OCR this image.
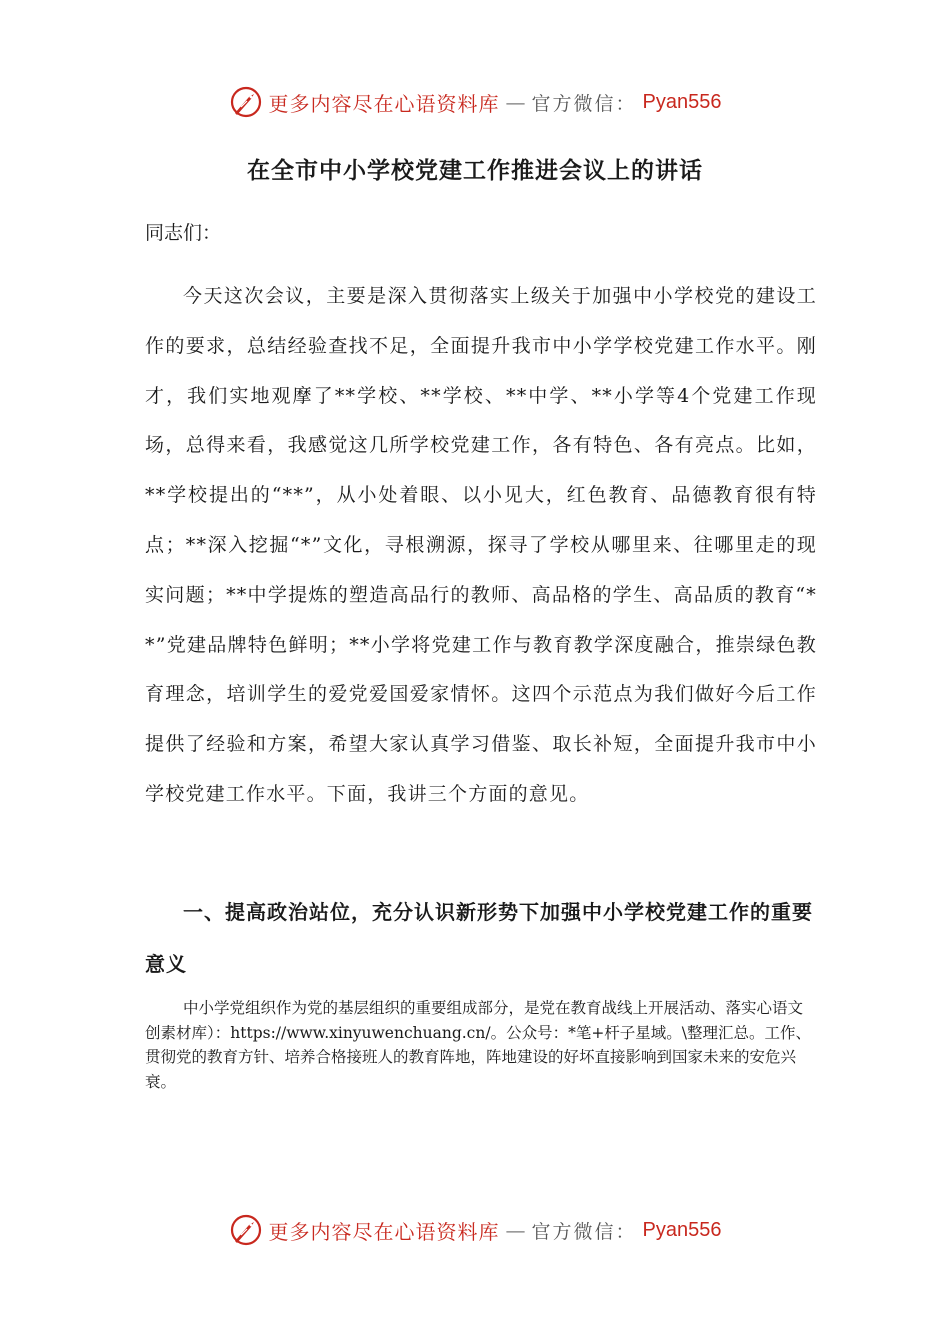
更多内容尽在心语资料库 — 官方微信： Pyan556
在全市中小学校党建工作推进会议上的讲话

同志们：

今天这次会议，主要是深入贯彻落实上级关于加强中小学校党的建设工作的要求，总结经验查找不足，全面提升我市中小学学校党建工作水平。刚才，我们实地观摩了**学校、**学校、**中学、**小学等4个党建工作现场，总得来看，我感觉这几所学校党建工作，各有特色、各有亮点。比如，**学校提出的“**”，从小处着眼、以小见大，红色教育、品德教育很有特点；**深入挖掘“*”文化，寻根溯源，探寻了学校从哪里来、往哪里走的现实问题；**中学提炼的塑造高品行的教师、高品格的学生、高品质的教育“**”党建品牌特色鲜明；**小学将党建工作与教育教学深度融合，推崇绿色教育理念，培训学生的爱党爱国爱家情怀。这四个示范点为我们做好今后工作提供了经验和方案，希望大家认真学习借鉴、取长补短，全面提升我市中小学校党建工作水平。下面，我讲三个方面的意见。

一、提高政治站位，充分认识新形势下加强中小学校党建工作的重要意义

中小学党组织作为党的基层组织的重要组成部分，是党在教育战线上开展活动、落实心语文创素材库）：https://www.xinyuwenchuang.cn/。公众号：*笔+杆子星域。\整理汇总。工作、贯彻党的教育方针、培养合格接班人的教育阵地，阵地建设的好坏直接影响到国家未来的安危兴衰。

更多内容尽在心语资料库 — 官方微信： Pyan556
